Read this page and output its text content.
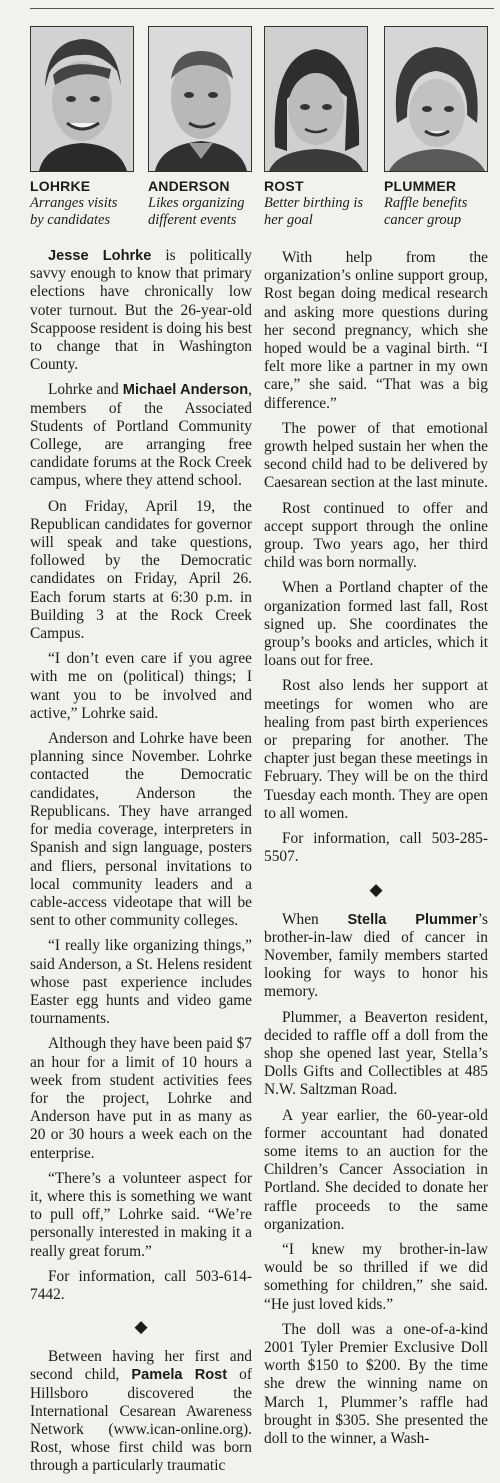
LOHRKE
Arranges visits by candidates
ANDERSON
Likes organizing different events

Jesse Lohrke is politically savvy enough to know that primary elections have chronically low voter turnout. But the 26-year-old Scappoose resident is doing his best to change that in Washington County.

Lohrke and Michael Anderson, members of the Associated Students of Portland Community College, are arranging free candidate forums at the Rock Creek campus, where they attend school.

On Friday, April 19, the Republican candidates for governor will speak and take questions, followed by the Democratic candidates on Friday, April 26. Each forum starts at 6:30 p.m. in Building 3 at the Rock Creek Campus.

“I don’t even care if you agree with me on (political) things; I want you to be involved and active,” Lohrke said.

Anderson and Lohrke have been planning since November. Lohrke contacted the Democratic candidates, Anderson the Republicans. They have arranged for media coverage, interpreters in Spanish and sign language, posters and fliers, personal invitations to local community leaders and a cable-access videotape that will be sent to other community colleges.

“I really like organizing things,” said Anderson, a St. Helens resident whose past experience includes Easter egg hunts and video game tournaments.

Although they have been paid $7 an hour for a limit of 10 hours a week from student activities fees for the project, Lohrke and Anderson have put in as many as 20 or 30 hours a week each on the enterprise.

“There’s a volunteer aspect for it, where this is something we want to pull off,” Lohrke said. “We’re personally interested in making it a really great forum.”

For information, call 503-614-7442.

◆

Between having her first and second child, Pamela Rost of Hillsboro discovered the International Cesarean Awareness Network (www.ican-online.org). Rost, whose first child was born through a particularly traumatic

ROST
Better birthing is her goal
PLUMMER
Raffle benefits cancer group

With help from the organization’s online support group, Rost began doing medical research and asking more questions during her second pregnancy, which she hoped would be a vaginal birth. “I felt more like a partner in my own care,” she said. “That was a big difference.”

The power of that emotional growth helped sustain her when the second child had to be delivered by Caesarean section at the last minute.

Rost continued to offer and accept support through the online group. Two years ago, her third child was born normally.

When a Portland chapter of the organization formed last fall, Rost signed up. She coordinates the group’s books and articles, which it loans out for free.

Rost also lends her support at meetings for women who are healing from past birth experiences or preparing for another. The chapter just began these meetings in February. They will be on the third Tuesday each month. They are open to all women.

For information, call 503-285-5507.

◆

When Stella Plummer’s brother-in-law died of cancer in November, family members started looking for ways to honor his memory.

Plummer, a Beaverton resident, decided to raffle off a doll from the shop she opened last year, Stella’s Dolls Gifts and Collectibles at 485 N.W. Saltzman Road.

A year earlier, the 60-year-old former accountant had donated some items to an auction for the Children’s Cancer Association in Portland. She decided to donate her raffle proceeds to the same organization.

“I knew my brother-in-law would be so thrilled if we did something for children,” she said. “He just loved kids.”

The doll was a one-of-a-kind 2001 Tyler Premier Exclusive Doll worth $150 to $200. By the time she drew the winning name on March 1, Plummer’s raffle had brought in $305. She presented the doll to the winner, a Wash-
